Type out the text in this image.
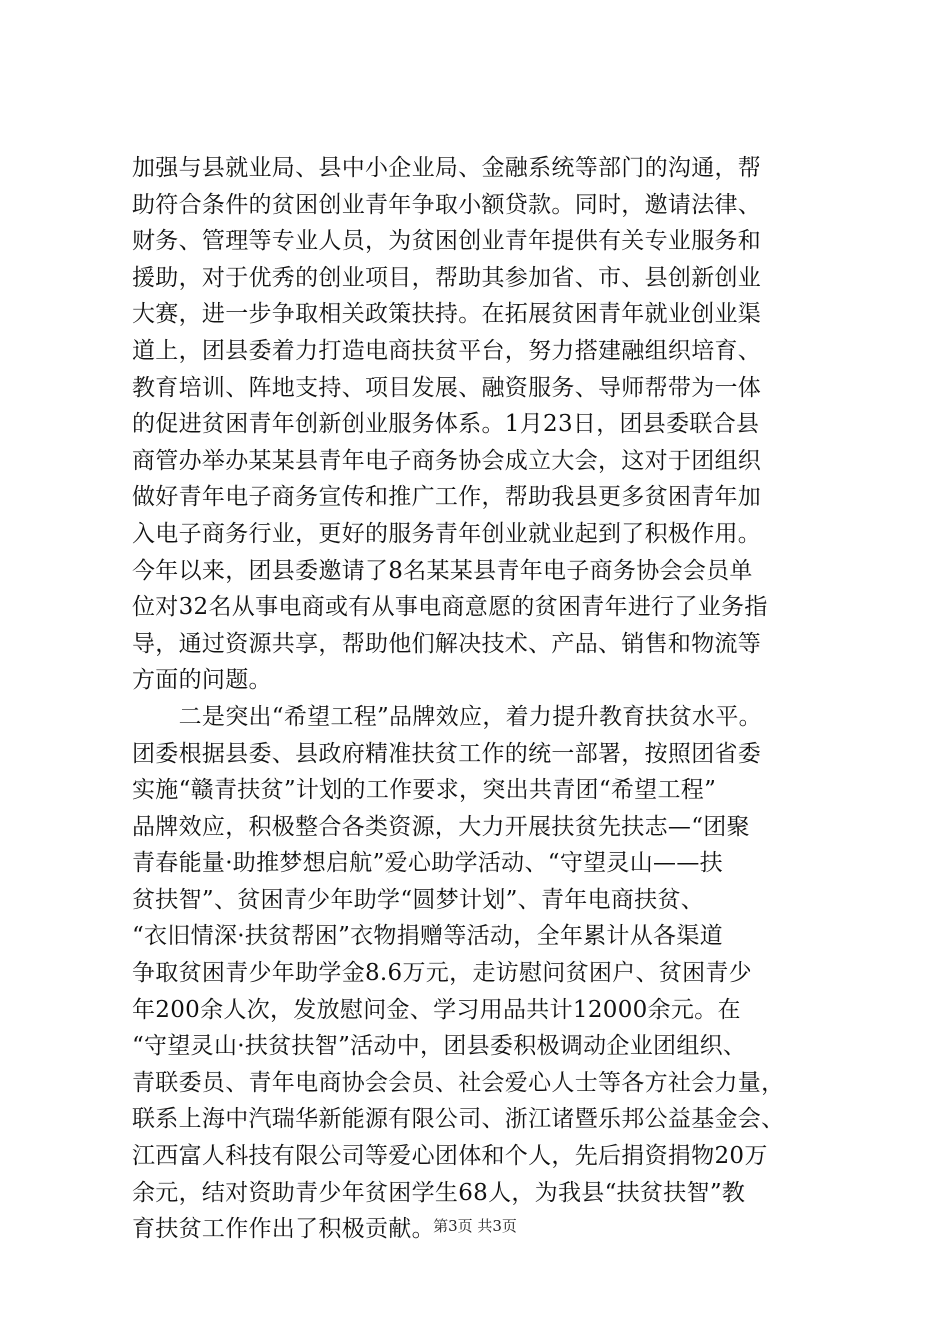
加强与县就业局、县中小企业局、金融系统等部门的沟通，帮
助符合条件的贫困创业青年争取小额贷款。同时，邀请法律、
财务、管理等专业人员，为贫困创业青年提供有关专业服务和
援助，对于优秀的创业项目，帮助其参加省、市、县创新创业
大赛，进一步争取相关政策扶持。在拓展贫困青年就业创业渠
道上，团县委着力打造电商扶贫平台，努力搭建融组织培育、
教育培训、阵地支持、项目发展、融资服务、导师帮带为一体
的促进贫困青年创新创业服务体系。1月23日，团县委联合县
商管办举办某某县青年电子商务协会成立大会，这对于团组织
做好青年电子商务宣传和推广工作，帮助我县更多贫困青年加
入电子商务行业，更好的服务青年创业就业起到了积极作用。
今年以来，团县委邀请了8名某某县青年电子商务协会会员单
位对32名从事电商或有从事电商意愿的贫困青年进行了业务指
导，通过资源共享，帮助他们解决技术、产品、销售和物流等
方面的问题。
　　二是突出“希望工程”品牌效应，着力提升教育扶贫水平。
团委根据县委、县政府精准扶贫工作的统一部署，按照团省委
实施“赣青扶贫”计划的工作要求，突出共青团“希望工程”
品牌效应，积极整合各类资源，大力开展扶贫先扶志—“团聚
青春能量·助推梦想启航”爱心助学活动、“守望灵山——扶
贫扶智”、贫困青少年助学“圆梦计划”、青年电商扶贫、
“衣旧情深·扶贫帮困”衣物捐赠等活动，全年累计从各渠道
争取贫困青少年助学金8.6万元，走访慰问贫困户、贫困青少
年200余人次，发放慰问金、学习用品共计12000余元。在
“守望灵山·扶贫扶智”活动中，团县委积极调动企业团组织、
青联委员、青年电商协会会员、社会爱心人士等各方社会力量，
联系上海中汽瑞华新能源有限公司、浙江诸暨乐邦公益基金会、
江西富人科技有限公司等爱心团体和个人，先后捐资捐物20万
余元，结对资助青少年贫困学生68人，为我县“扶贫扶智”教
育扶贫工作作出了积极贡献。
第3页 共3页
